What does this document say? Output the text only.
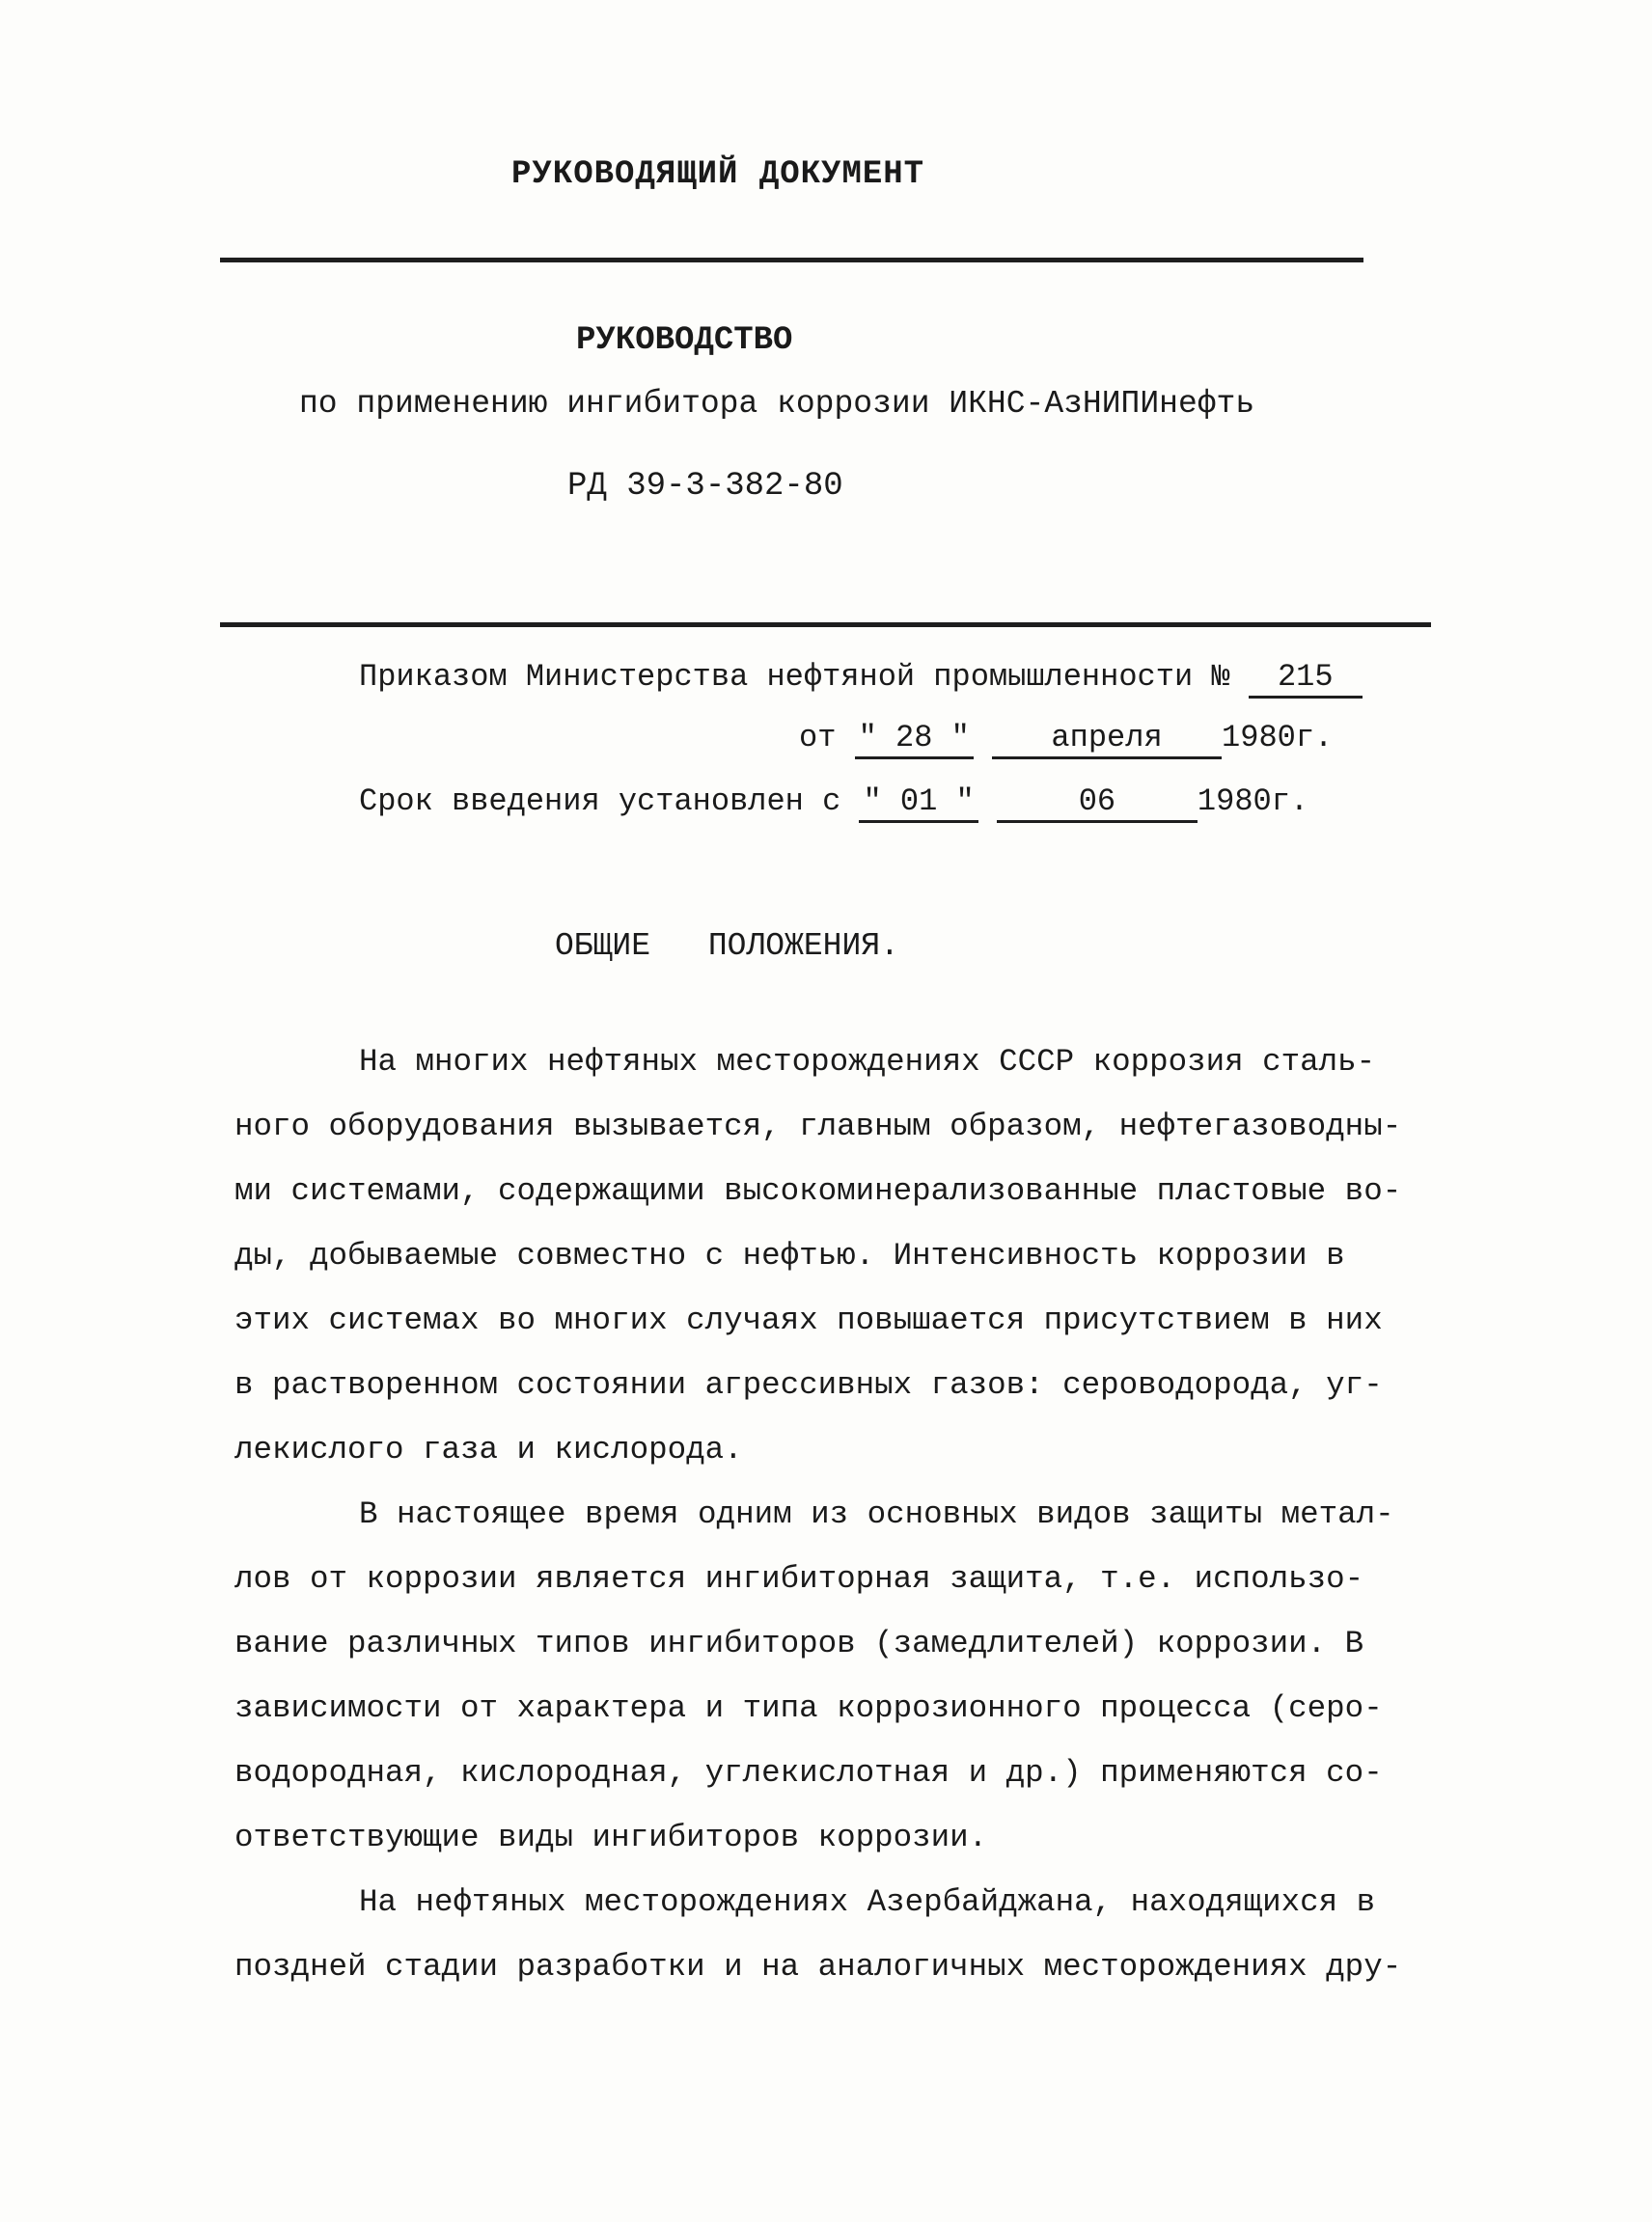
РУКОВОДЯЩИЙ ДОКУМЕНТ
РУКОВОДСТВО
по применению ингибитора коррозии ИКНС-АзНИПИнефть
РД 39-3-382-80
Приказом Министерства нефтяной промышленности № 215
от " 28 "	апреля 1980г.
Срок введения установлен с " 01 "	06	1980г.
ОБЩИЕ ПОЛОЖЕНИЯ.
На многих нефтяных месторождениях СССР коррозия сталь-
ного оборудования вызывается, главным образом, нефтегазоводны-
ми системами, содержащими высокоминерализованные пластовые во-
ды, добываемые совместно с нефтью. Интенсивность коррозии в
этих системах во многих случаях повышается присутствием в них
в растворенном состоянии агрессивных газов: сероводорода, уг-
лекислого газа и кислорода.
В настоящее время одним из основных видов защиты метал-
лов от коррозии является ингибиторная защита, т.е. использо-
вание различных типов ингибиторов (замедлителей) коррозии. В
зависимости от характера и типа коррозионного процесса (серо-
водородная, кислородная, углекислотная и др.) применяются со-
ответствующие виды ингибиторов коррозии.
На нефтяных месторождениях Азербайджана, находящихся в
поздней стадии разработки и на аналогичных месторождениях дру-
